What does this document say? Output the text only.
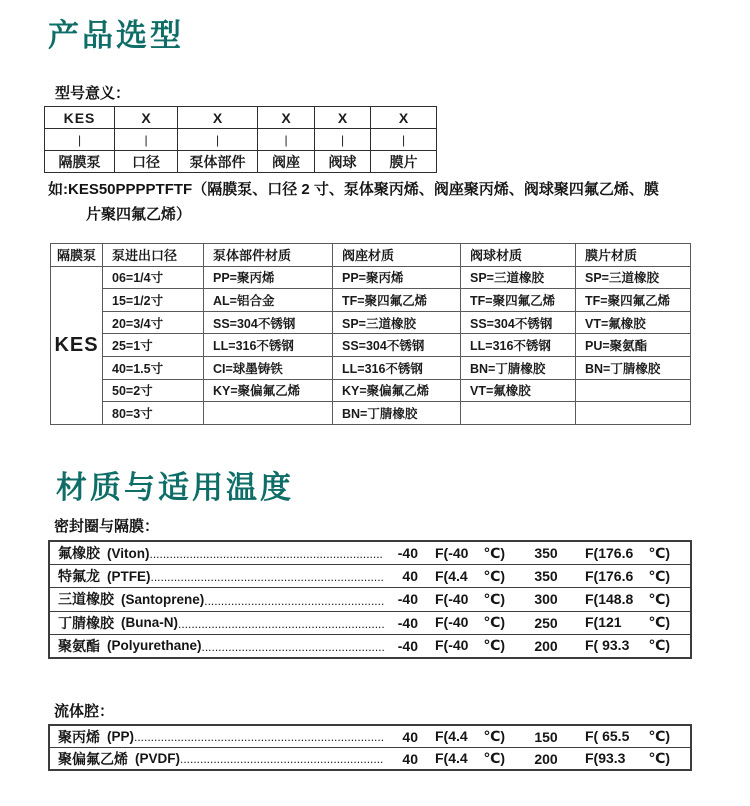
产品选型
型号意义：
KES	X	X	X	X	X
|	|	|	|	|	|
隔膜泵	口径	泵体部件	阀座	阀球	膜片
如:KES50PPPPTFTF（隔膜泵、口径 2 寸、泵体聚丙烯、阀座聚丙烯、阀球聚四氟乙烯、膜
片聚四氟乙烯）
隔膜泵	泵进出口径	泵体部件材质	阀座材质	阀球材质	膜片材质
KES	06=1/4寸	PP=聚丙烯	PP=聚丙烯	SP=三道橡胶	SP=三道橡胶
	15=1/2寸	AL=铝合金	TF=聚四氟乙烯	TF=聚四氟乙烯	TF=聚四氟乙烯
	20=3/4寸	SS=304不锈钢	SP=三道橡胶	SS=304不锈钢	VT=氟橡胶
	25=1寸	LL=316不锈钢	SS=304不锈钢	LL=316不锈钢	PU=聚氨酯
	40=1.5寸	CI=球墨铸铁	LL=316不锈钢	BN=丁腈橡胶	BN=丁腈橡胶
	50=2寸	KY=聚偏氟乙烯	KY=聚偏氟乙烯	VT=氟橡胶	
	80=3寸		BN=丁腈橡胶		
材质与适用温度
密封圈与隔膜：
氟橡胶 (Viton) .....	-40 F(-40 ℃)	350	F(176.6 ℃)
特氟龙 (PTFE) .....	40 F(4.4 ℃)	350	F(176.6 ℃)
三道橡胶 (Santoprene) .....	-40 F(-40 ℃)	300	F(148.8 ℃)
丁腈橡胶 (Buna-N) .....	-40 F(-40 ℃)	250	F(121 ℃)
聚氨酯 (Polyurethane) .....	-40 F(-40 ℃)	200	F( 93.3 ℃)
流体腔：
聚丙烯 (PP) .....	40 F(4.4 ℃)	150	F( 65.5 ℃)
聚偏氟乙烯 (PVDF) .....	40 F(4.4 ℃)	200	F(93.3 ℃)
